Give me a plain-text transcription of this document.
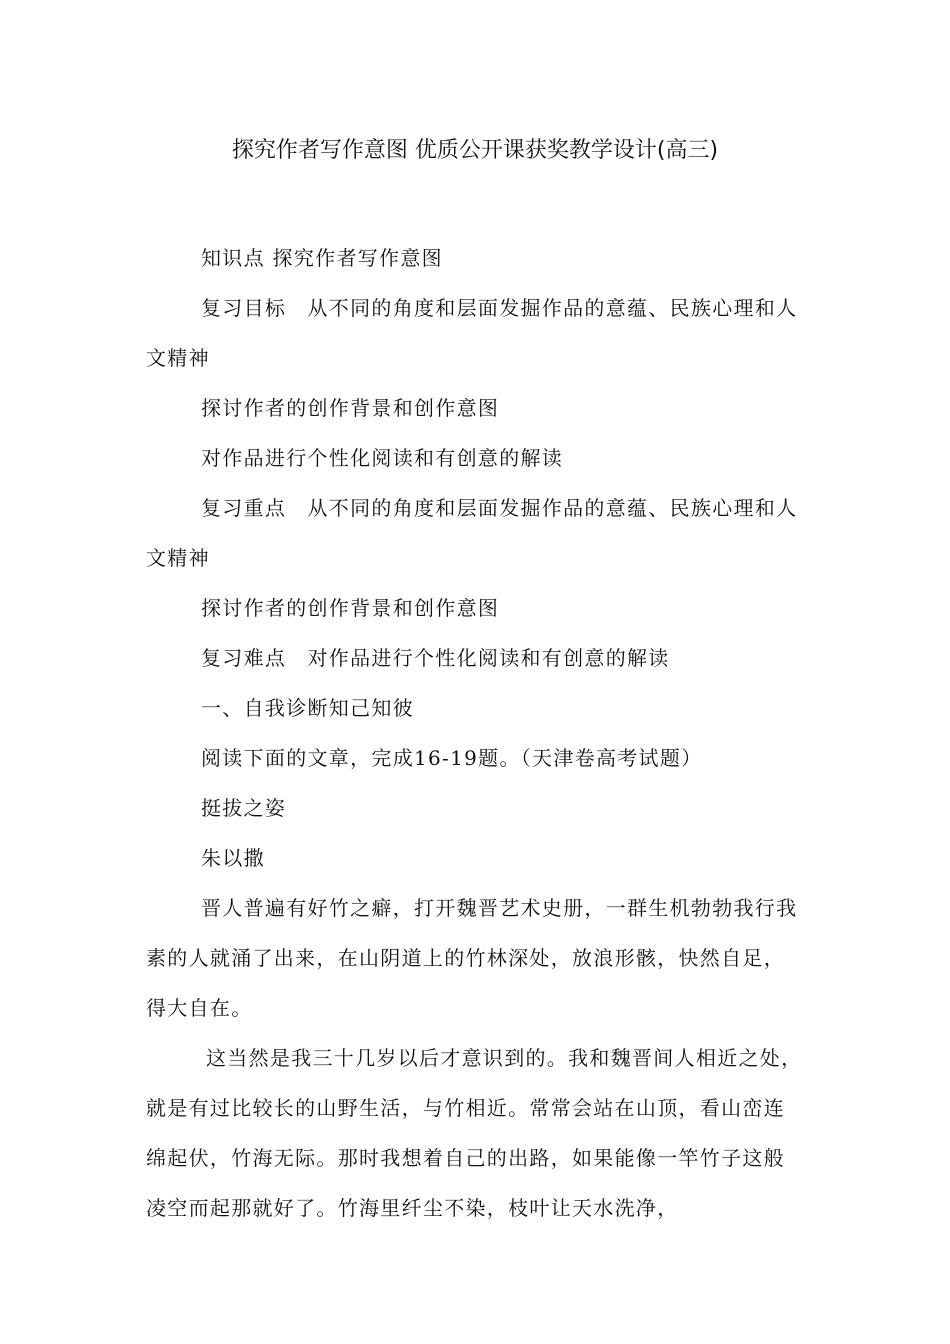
探究作者写作意图 优质公开课获奖教学设计(高三)

知识点 探究作者写作意图

复习目标　从不同的角度和层面发掘作品的意蕴、民族心理和人文精神

探讨作者的创作背景和创作意图

对作品进行个性化阅读和有创意的解读

复习重点　从不同的角度和层面发掘作品的意蕴、民族心理和人文精神

探讨作者的创作背景和创作意图

复习难点　对作品进行个性化阅读和有创意的解读

一、自我诊断知己知彼

阅读下面的文章，完成16-19题。（天津卷高考试题）

挺拔之姿

朱以撒

晋人普遍有好竹之癖，打开魏晋艺术史册，一群生机勃勃我行我素的人就涌了出来，在山阴道上的竹林深处，放浪形骸，快然自足，得大自在。

这当然是我三十几岁以后才意识到的。我和魏晋间人相近之处，就是有过比较长的山野生活，与竹相近。常常会站在山顶，看山峦连绵起伏，竹海无际。那时我想着自己的出路，如果能像一竿竹子这般凌空而起那就好了。竹海里纤尘不染，枝叶让天水洗净，
